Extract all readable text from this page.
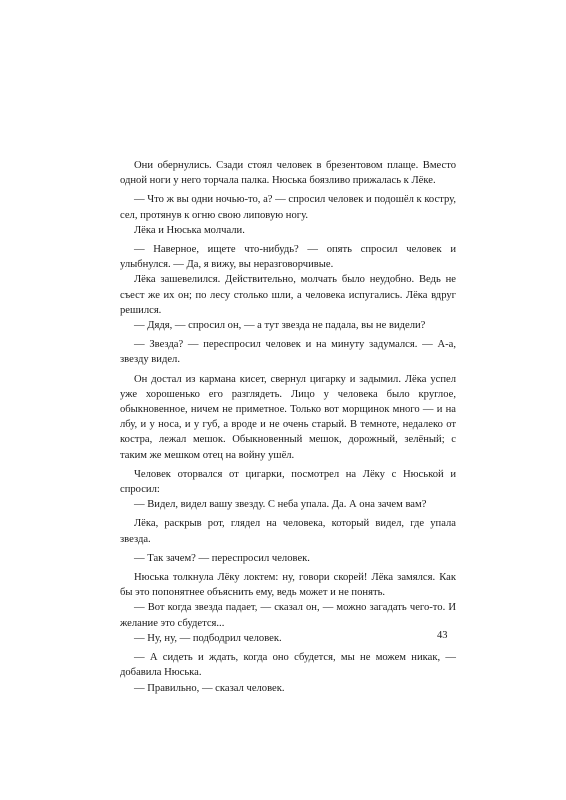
Они обернулись. Сзади стоял человек в брезентовом плаще. Вместо одной ноги у него торчала палка. Нюська боязливо прижалась к Лёке.

— Что ж вы одни ночью-то, а? — спросил человек и подошёл к костру, сел, протянув к огню свою липовую ногу.

Лёка и Нюська молчали.

— Наверное, ищете что-нибудь? — опять спросил человек и улыбнулся. — Да, я вижу, вы неразговорчивые.

Лёка зашевелился. Действительно, молчать было неудобно. Ведь не съест же их он; по лесу столько шли, а человека испугались. Лёка вдруг решился.

— Дядя, — спросил он, — а тут звезда не падала, вы не видели?

— Звезда? — переспросил человек и на минуту задумался. — А-а, звезду видел.

Он достал из кармана кисет, свернул цигарку и задымил. Лёка успел уже хорошенько его разглядеть. Лицо у человека было круглое, обыкновенное, ничем не приметное. Только вот морщинок много — и на лбу, и у носа, и у губ, а вроде и не очень старый. В темноте, недалеко от костра, лежал мешок. Обыкновенный мешок, дорожный, зелёный; с таким же мешком отец на войну ушёл.

Человек оторвался от цигарки, посмотрел на Лёку с Нюськой и спросил:

— Видел, видел вашу звезду. С неба упала. Да. А она зачем вам?

Лёка, раскрыв рот, глядел на человека, который видел, где упала звезда.

— Так зачем? — переспросил человек.

Нюська толкнула Лёку локтем: ну, говори скорей! Лёка замялся. Как бы это попонятнее объяснить ему, ведь может и не понять.

— Вот когда звезда падает, — сказал он, — можно загадать чего-то. И желание это сбудется...

— Ну, ну, — подбодрил человек.

— А сидеть и ждать, когда оно сбудется, мы не можем никак, — добавила Нюська.

— Правильно, — сказал человек.

43
